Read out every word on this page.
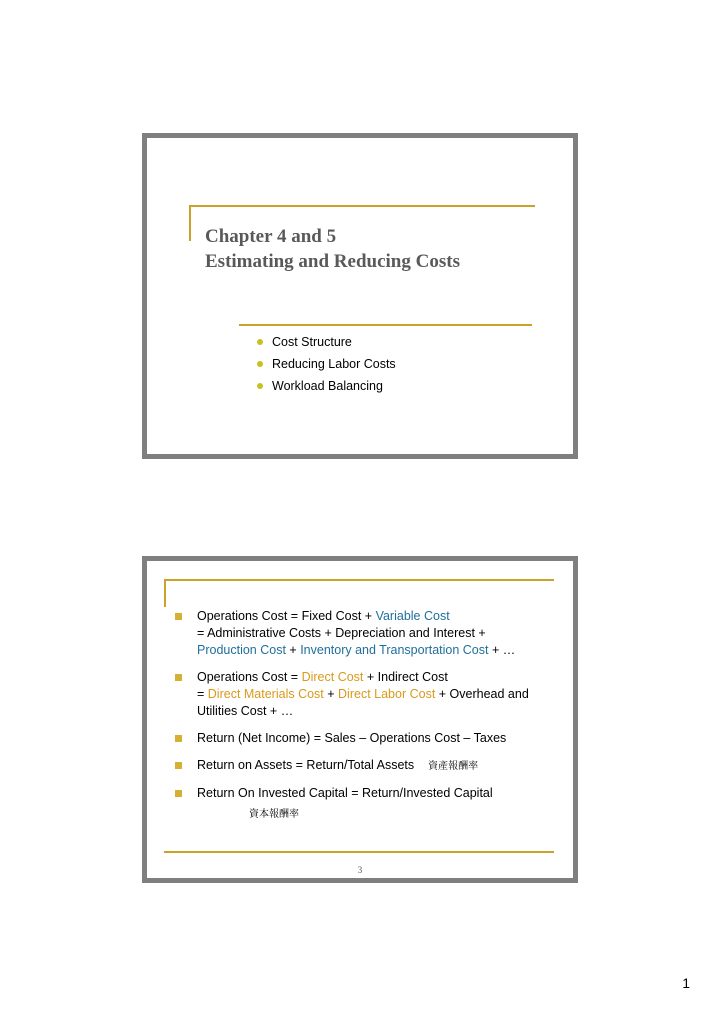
Chapter 4 and 5
Estimating and Reducing Costs
Cost Structure
Reducing Labor Costs
Workload Balancing
Operations Cost = Fixed Cost + Variable Cost
= Administrative Costs + Depreciation and Interest +
Production Cost + Inventory and Transportation Cost + …
Operations Cost = Direct Cost + Indirect Cost
= Direct Materials Cost + Direct Labor Cost + Overhead and
Utilities Cost + …
Return (Net Income) = Sales – Operations Cost – Taxes
Return on Assets = Return/Total Assets 資產報酬率
Return On Invested Capital = Return/Invested Capital
資本報酬率
3
1
